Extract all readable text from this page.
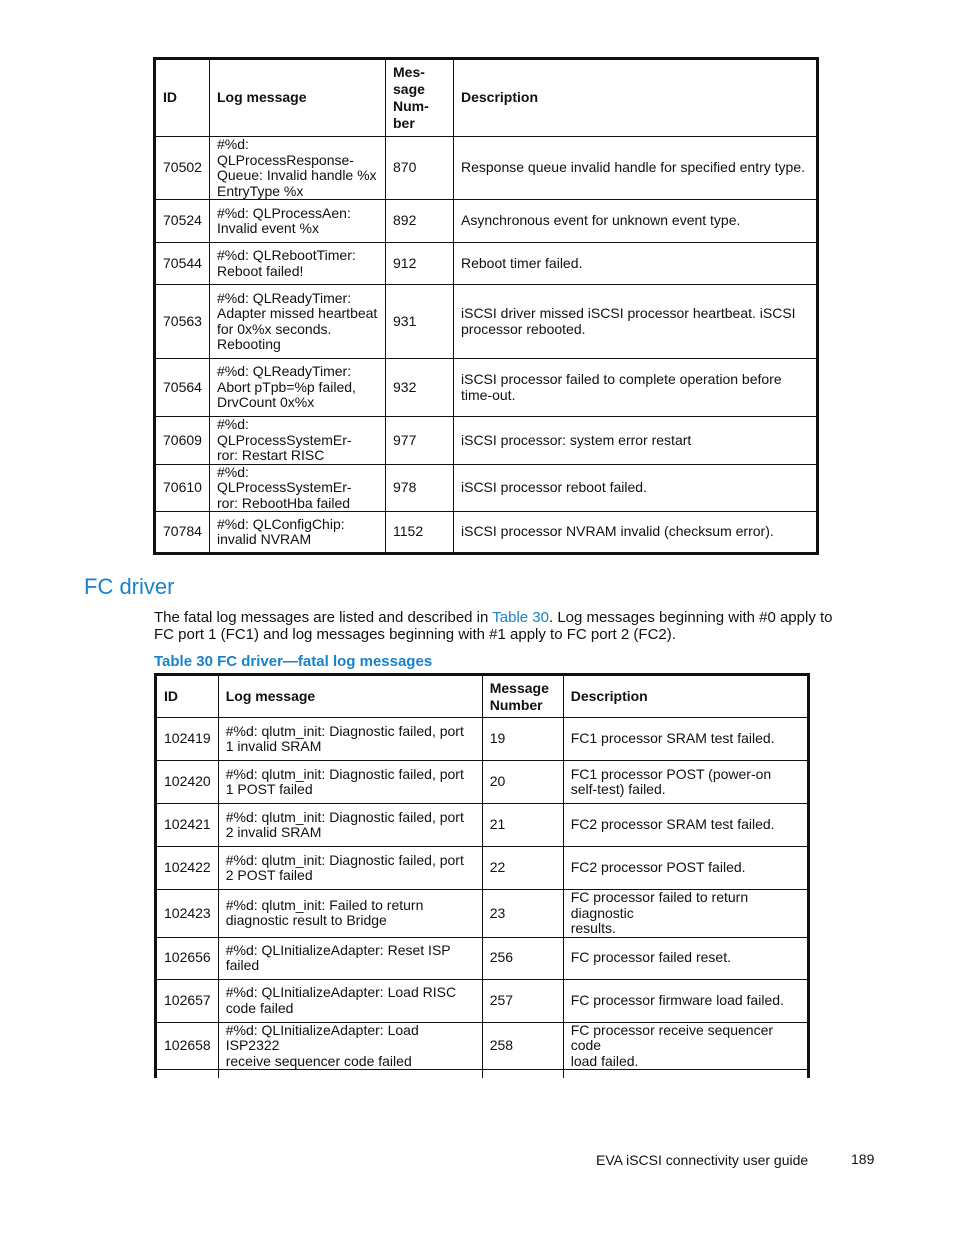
ID	Log message	Mes-
sage
Num-
ber	Description
70502	#%d: QLProcessResponse-
Queue: Invalid handle %x
EntryType %x	870	Response queue invalid handle for specified entry type.
70524	#%d: QLProcessAen:
Invalid event %x	892	Asynchronous event for unknown event type.
70544	#%d: QLRebootTimer:
Reboot failed!	912	Reboot timer failed.
70563	#%d: QLReadyTimer:
Adapter missed heartbeat
for 0x%x seconds.
Rebooting	931	iSCSI driver missed iSCSI processor heartbeat. iSCSI
processor rebooted.
70564	#%d: QLReadyTimer:
Abort pTpb=%p failed,
DrvCount 0x%x	932	iSCSI processor failed to complete operation before
time-out.
70609	#%d: QLProcessSystemEr-
ror: Restart RISC	977	iSCSI processor: system error restart
70610	#%d: QLProcessSystemEr-
ror: RebootHba failed	978	iSCSI processor reboot failed.
70784	#%d: QLConfigChip:
invalid NVRAM	1152	iSCSI processor NVRAM invalid (checksum error).
FC driver

The fatal log messages are listed and described in Table 30. Log messages beginning with #0 apply to FC port 1 (FC1) and log messages beginning with #1 apply to FC port 2 (FC2).

Table 30 FC driver—fatal log messages
ID	Log message	Message
Number	Description
102419	#%d: qlutm_init: Diagnostic failed, port
1 invalid SRAM	19	FC1 processor SRAM test failed.
102420	#%d: qlutm_init: Diagnostic failed, port
1 POST failed	20	FC1 processor POST (power-on
self-test) failed.
102421	#%d: qlutm_init: Diagnostic failed, port
2 invalid SRAM	21	FC2 processor SRAM test failed.
102422	#%d: qlutm_init: Diagnostic failed, port
2 POST failed	22	FC2 processor POST failed.
102423	#%d: qlutm_init: Failed to return
diagnostic result to Bridge	23	FC processor failed to return diagnostic
results.
102656	#%d: QLInitializeAdapter: Reset ISP
failed	256	FC processor failed reset.
102657	#%d: QLInitializeAdapter: Load RISC
code failed	257	FC processor firmware load failed.
102658	#%d: QLInitializeAdapter: Load ISP2322
receive sequencer code failed	258	FC processor receive sequencer code
load failed.

EVA iSCSI connectivity user guide	189
